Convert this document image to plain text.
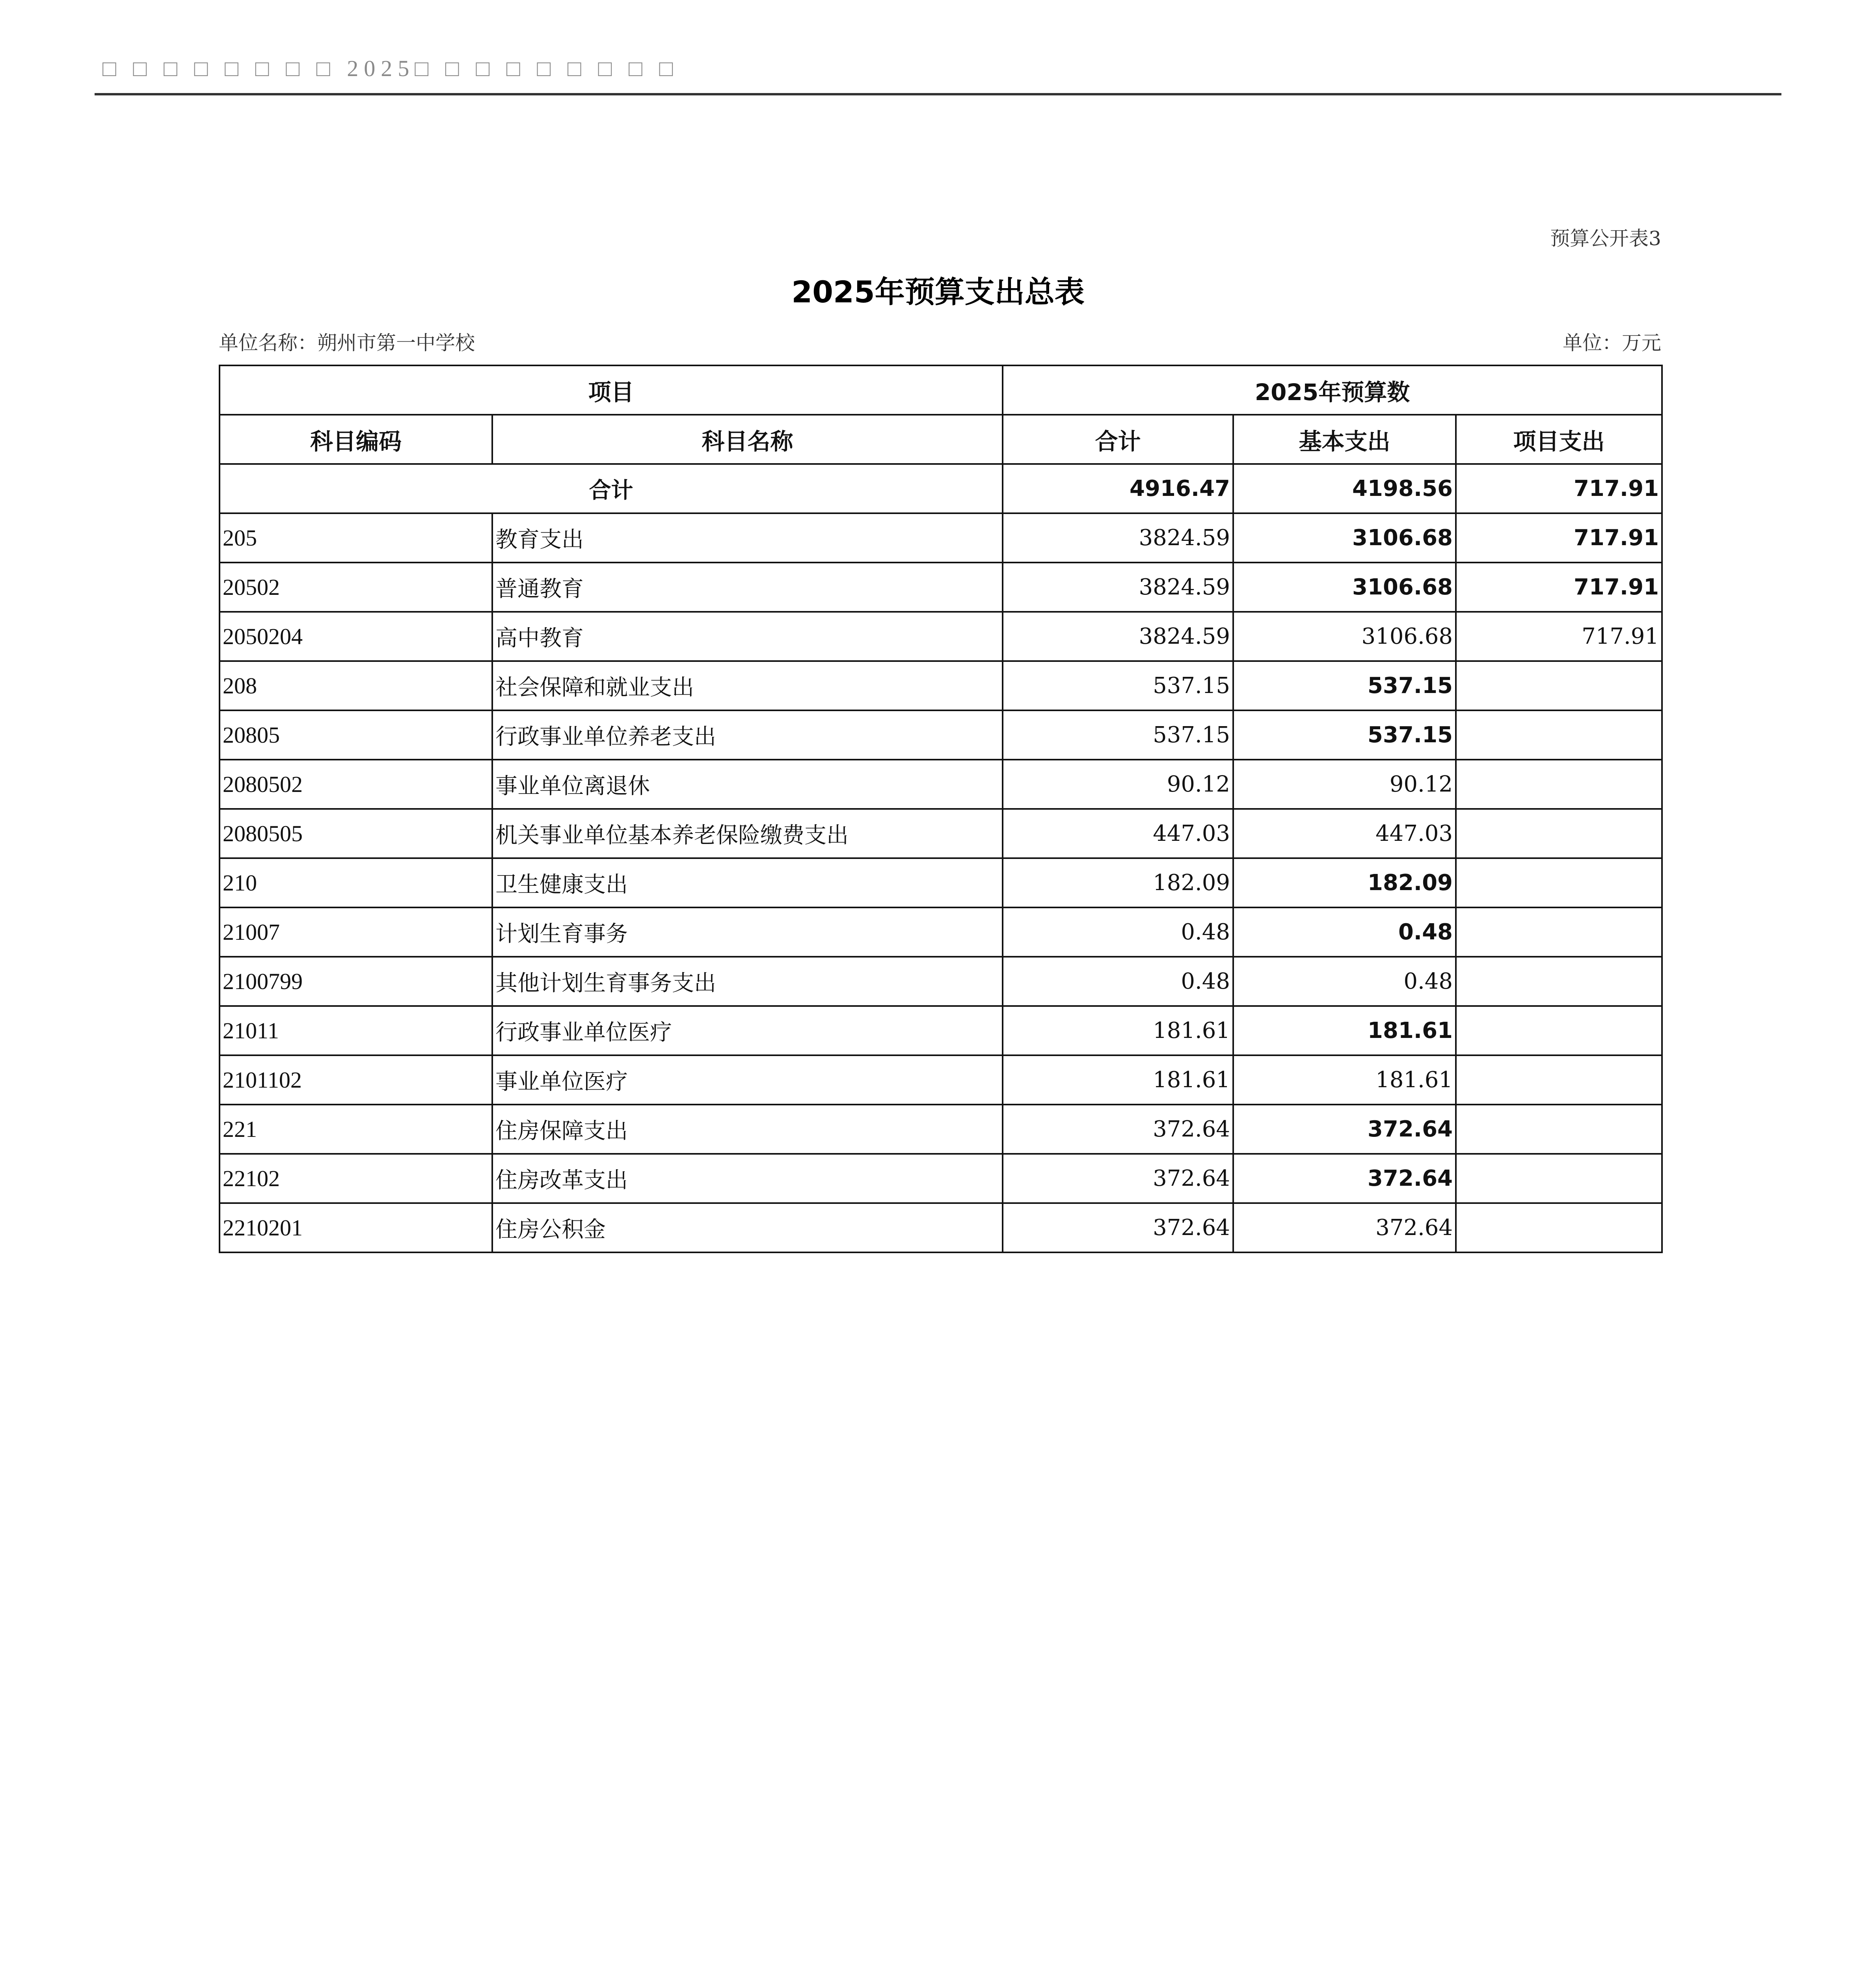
□ □ □ □ □ □ □ □ 2025□ □ □ □ □ □ □ □ □
预算公开表3
2025年预算支出总表
单位名称：朔州市第一中学校	单位：万元
项目		2025年预算数		
科目编码	科目名称	合计	基本支出	项目支出
合计		4916.47	4198.56	717.91
205	教育支出	3824.59	3106.68	717.91
20502	普通教育	3824.59	3106.68	717.91
2050204	高中教育	3824.59	3106.68	717.91
208	社会保障和就业支出	537.15	537.15	
20805	行政事业单位养老支出	537.15	537.15	
2080502	事业单位离退休	90.12	90.12	
2080505	机关事业单位基本养老保险缴费支出	447.03	447.03	
210	卫生健康支出	182.09	182.09	
21007	计划生育事务	0.48	0.48	
2100799	其他计划生育事务支出	0.48	0.48	
21011	行政事业单位医疗	181.61	181.61	
2101102	事业单位医疗	181.61	181.61	
221	住房保障支出	372.64	372.64	
22102	住房改革支出	372.64	372.64	
2210201	住房公积金	372.64	372.64	
